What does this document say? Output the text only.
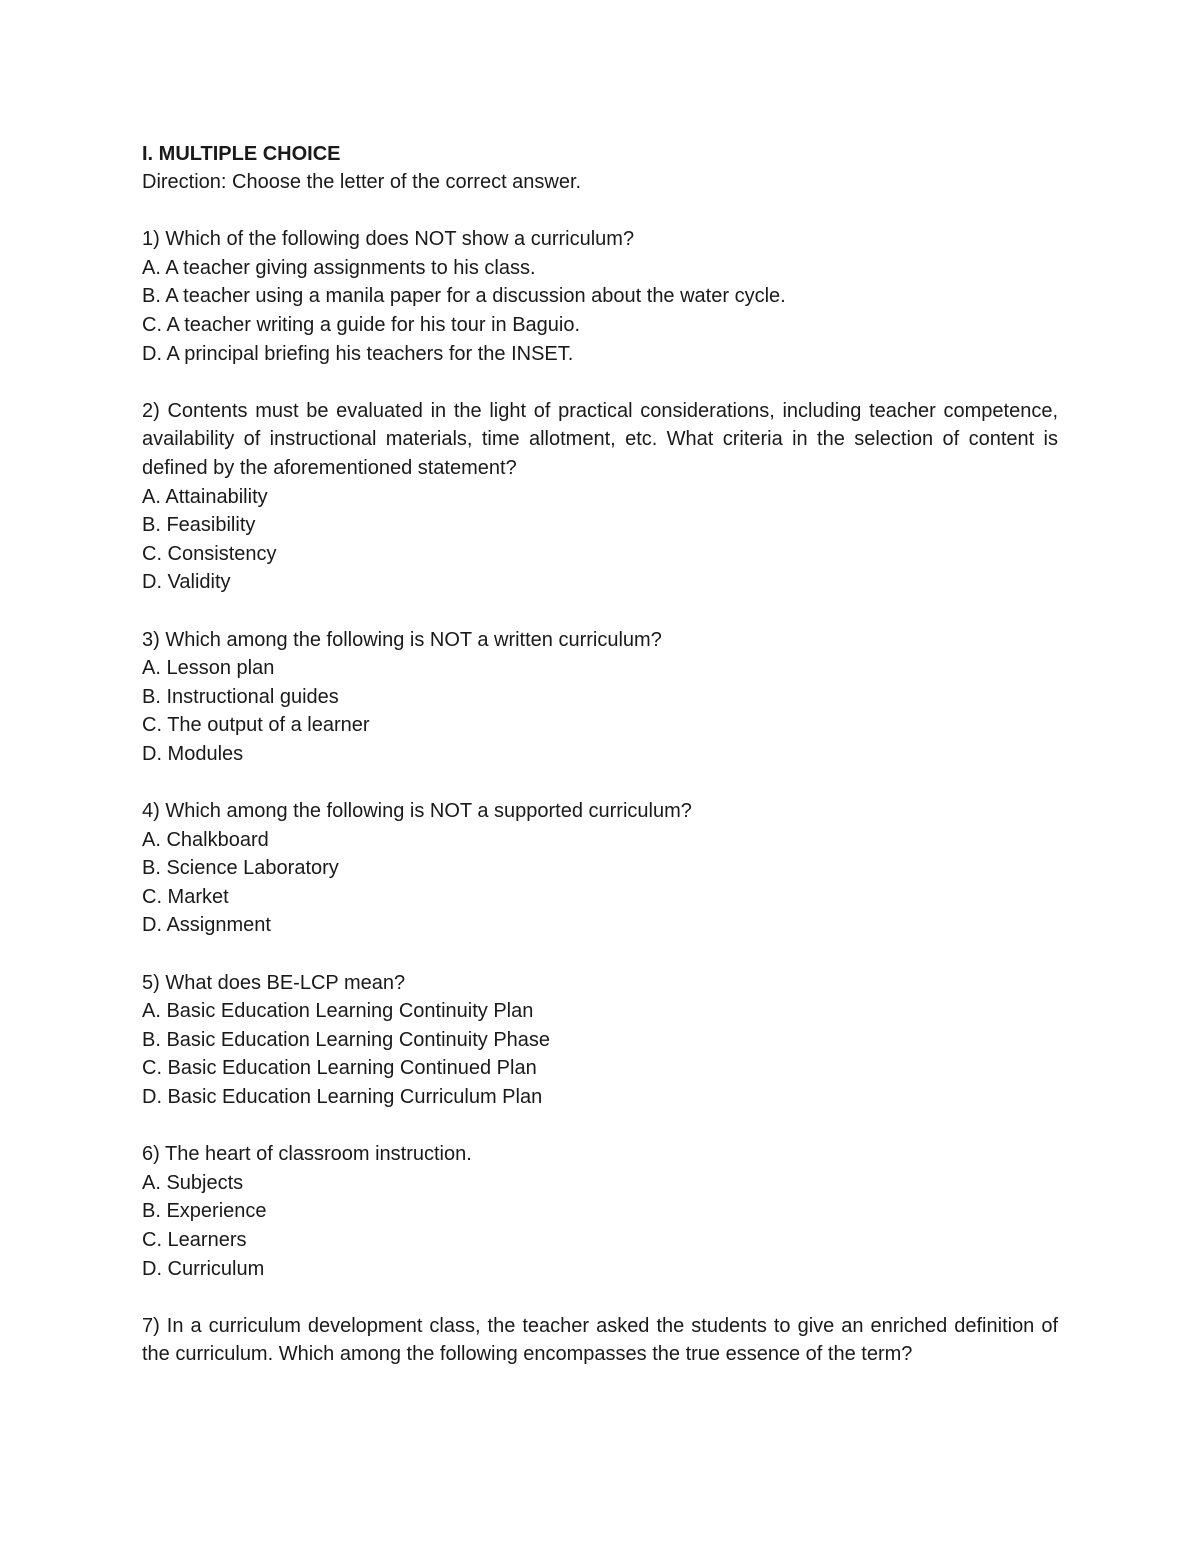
I. MULTIPLE CHOICE

Direction: Choose the letter of the correct answer.

1) Which of the following does NOT show a curriculum?

A. A teacher giving assignments to his class.
B. A teacher using a manila paper for a discussion about the water cycle.
C. A teacher writing a guide for his tour in Baguio.
D. A principal briefing his teachers for the INSET.

2) Contents must be evaluated in the light of practical considerations, including teacher competence, availability of instructional materials, time allotment, etc. What criteria in the selection of content is defined by the aforementioned statement?

A. Attainability
B. Feasibility
C. Consistency
D. Validity

3) Which among the following is NOT a written curriculum?

A. Lesson plan
B. Instructional guides
C. The output of a learner
D. Modules

4) Which among the following is NOT a supported curriculum?

A. Chalkboard
B. Science Laboratory
C. Market
D. Assignment

5) What does BE-LCP mean?

A. Basic Education Learning Continuity Plan
B. Basic Education Learning Continuity Phase
C. Basic Education Learning Continued Plan
D. Basic Education Learning Curriculum Plan

6) The heart of classroom instruction.

A. Subjects
B. Experience
C. Learners
D. Curriculum

7) In a curriculum development class, the teacher asked the students to give an enriched definition of the curriculum. Which among the following encompasses the true essence of the term?
